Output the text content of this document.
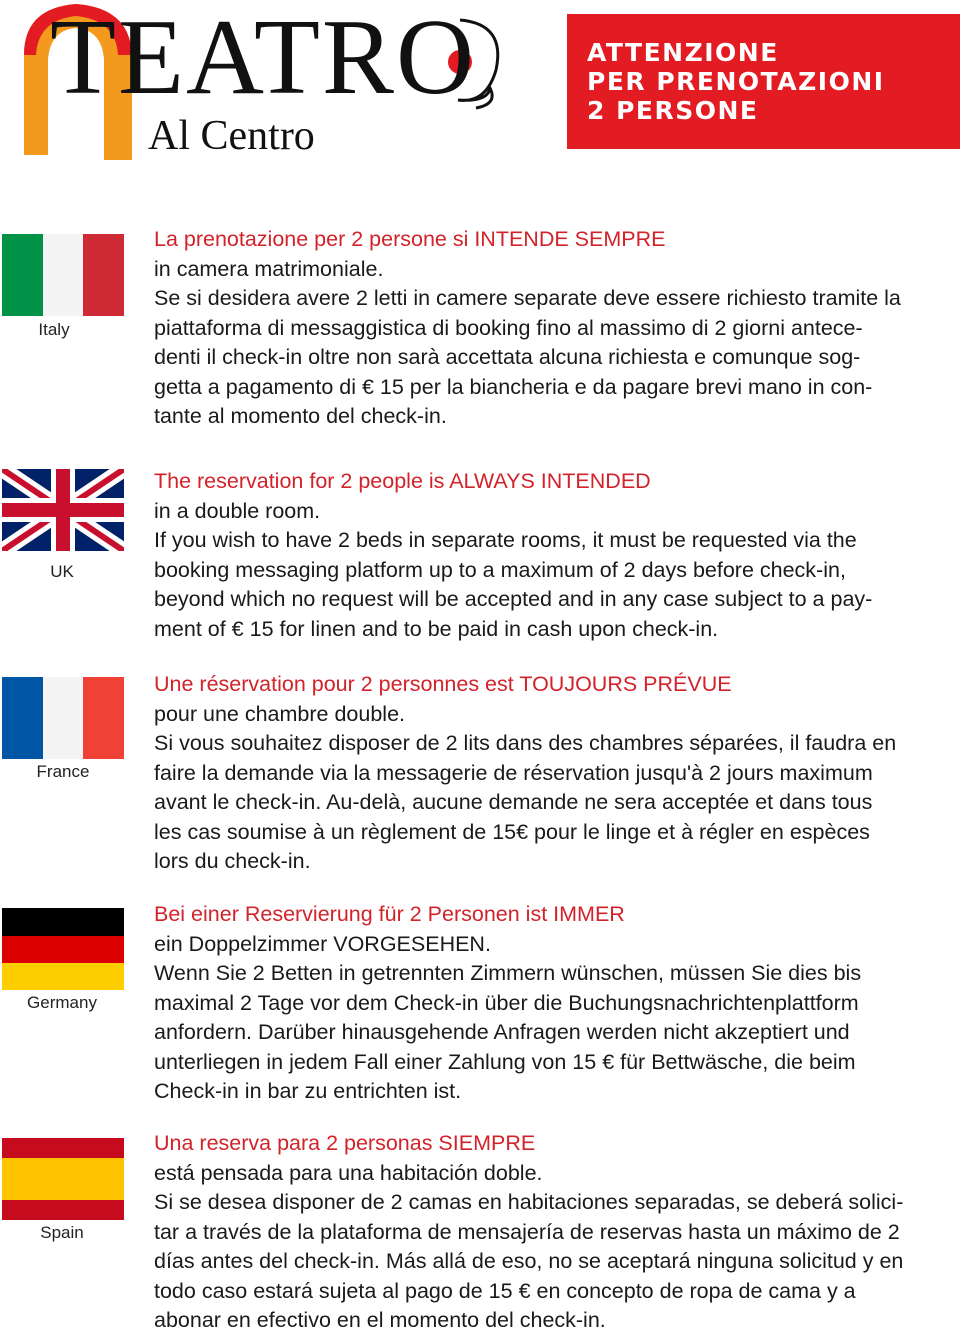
TEATRO
Al Centro
ATTENZIONE
PER PRENOTAZIONI
2 PERSONE
Italy
La prenotazione per 2 persone si INTENDE SEMPRE
in camera matrimoniale.
Se si desidera avere 2 letti in camere separate deve essere richiesto tramite la
piattaforma di messaggistica di booking fino al massimo di 2 giorni antece-
denti il check-in oltre non sarà accettata alcuna richiesta e comunque sog-
getta a pagamento di € 15 per la biancheria e da pagare brevi mano in con-
tante al momento del check-in.
UK
The reservation for 2 people is ALWAYS INTENDED
in a double room.
If you wish to have 2 beds in separate rooms, it must be requested via the
booking messaging platform up to a maximum of 2 days before check-in,
beyond which no request will be accepted and in any case subject to a pay-
ment of € 15 for linen and to be paid in cash upon check-in.
France
Une réservation pour 2 personnes est TOUJOURS PRÉVUE
pour une chambre double.
Si vous souhaitez disposer de 2 lits dans des chambres séparées, il faudra en
faire la demande via la messagerie de réservation jusqu'à 2 jours maximum
avant le check-in. Au-delà, aucune demande ne sera acceptée et dans tous
les cas soumise à un règlement de 15€ pour le linge et à régler en espèces
lors du check-in.
Germany
Bei einer Reservierung für 2 Personen ist IMMER
ein Doppelzimmer VORGESEHEN.
Wenn Sie 2 Betten in getrennten Zimmern wünschen, müssen Sie dies bis
maximal 2 Tage vor dem Check-in über die Buchungsnachrichtenplattform
anfordern. Darüber hinausgehende Anfragen werden nicht akzeptiert und
unterliegen in jedem Fall einer Zahlung von 15 € für Bettwäsche, die beim
Check-in in bar zu entrichten ist.
Spain
Una reserva para 2 personas SIEMPRE
está pensada para una habitación doble.
Si se desea disponer de 2 camas en habitaciones separadas, se deberá solici-
tar a través de la plataforma de mensajería de reservas hasta un máximo de 2
días antes del check-in. Más allá de eso, no se aceptará ninguna solicitud y en
todo caso estará sujeta al pago de 15 € en concepto de ropa de cama y a
abonar en efectivo en el momento del check-in.
